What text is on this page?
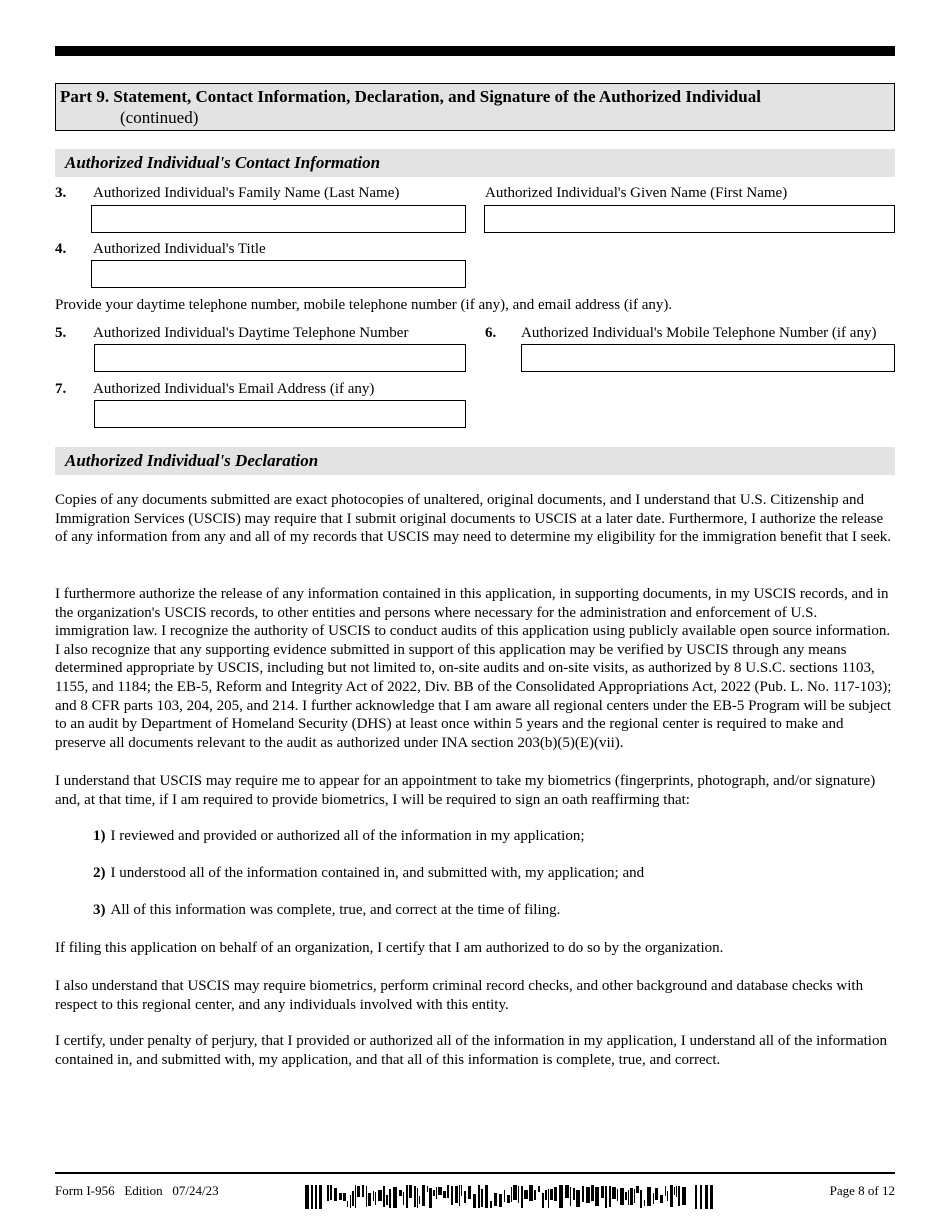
Part 9. Statement, Contact Information, Declaration, and Signature of the Authorized Individual
(continued)
Authorized Individual's Contact Information
3. Authorized Individual's Family Name (Last Name)	Authorized Individual's Given Name (First Name)
4. Authorized Individual's Title
Provide your daytime telephone number, mobile telephone number (if any), and email address (if any).
5. Authorized Individual's Daytime Telephone Number	6. Authorized Individual's Mobile Telephone Number (if any)
7. Authorized Individual's Email Address (if any)
Authorized Individual's Declaration
Copies of any documents submitted are exact photocopies of unaltered, original documents, and I understand that U.S. Citizenship and Immigration Services (USCIS) may require that I submit original documents to USCIS at a later date. Furthermore, I authorize the release of any information from any and all of my records that USCIS may need to determine my eligibility for the immigration benefit that I seek.
I furthermore authorize the release of any information contained in this application, in supporting documents, in my USCIS records, and in the organization's USCIS records, to other entities and persons where necessary for the administration and enforcement of U.S. immigration law. I recognize the authority of USCIS to conduct audits of this application using publicly available open source information. I also recognize that any supporting evidence submitted in support of this application may be verified by USCIS through any means determined appropriate by USCIS, including but not limited to, on-site audits and on-site visits, as authorized by 8 U.S.C. sections 1103, 1155, and 1184; the EB-5, Reform and Integrity Act of 2022, Div. BB of the Consolidated Appropriations Act, 2022 (Pub. L. No. 117-103); and 8 CFR parts 103, 204, 205, and 214. I further acknowledge that I am aware all regional centers under the EB-5 Program will be subject to an audit by Department of Homeland Security (DHS) at least once within 5 years and the regional center is required to make and preserve all documents relevant to the audit as authorized under INA section 203(b)(5)(E)(vii).
I understand that USCIS may require me to appear for an appointment to take my biometrics (fingerprints, photograph, and/or signature) and, at that time, if I am required to provide biometrics, I will be required to sign an oath reaffirming that:
1) I reviewed and provided or authorized all of the information in my application;
2) I understood all of the information contained in, and submitted with, my application; and
3) All of this information was complete, true, and correct at the time of filing.
If filing this application on behalf of an organization, I certify that I am authorized to do so by the organization.
I also understand that USCIS may require biometrics, perform criminal record checks, and other background and database checks with respect to this regional center, and any individuals involved with this entity.
I certify, under penalty of perjury, that I provided or authorized all of the information in my application, I understand all of the information contained in, and submitted with, my application, and that all of this information is complete, true, and correct.
Form I-956   Edition   07/24/23	Page 8 of 12
